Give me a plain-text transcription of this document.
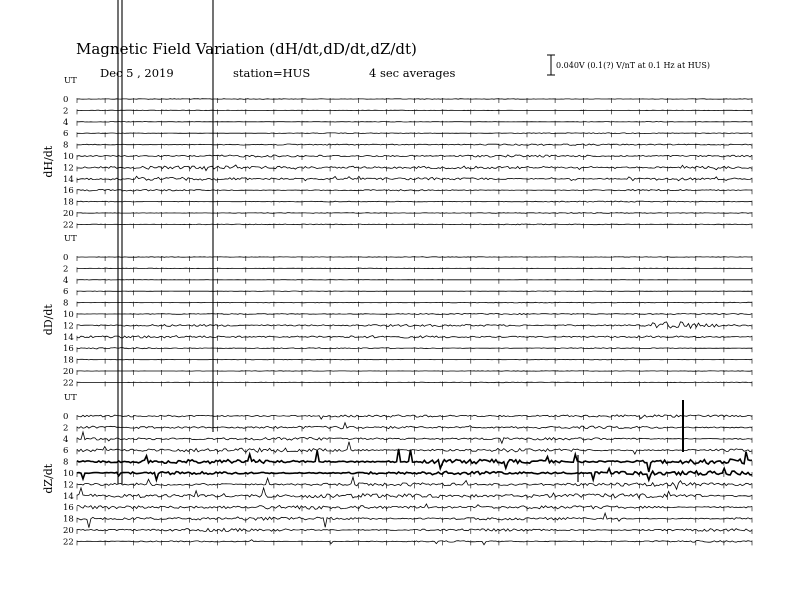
Magnetic Field Variation (dH/dt,dD/dt,dZ/dt)
Dec 5 , 2019	station=HUS	4 sec averages
0.040V (0.1(?) V/nT at 0.1 Hz at HUS)
UT
dH/dt
0
2
4
6
8
10
12
14
16
18
20
22
UT
dD/dt
0
2
4
6
8
10
12
14
16
18
20
22
UT
dZ/dt
0
2
4
6
8
10
12
14
16
18
20
22
